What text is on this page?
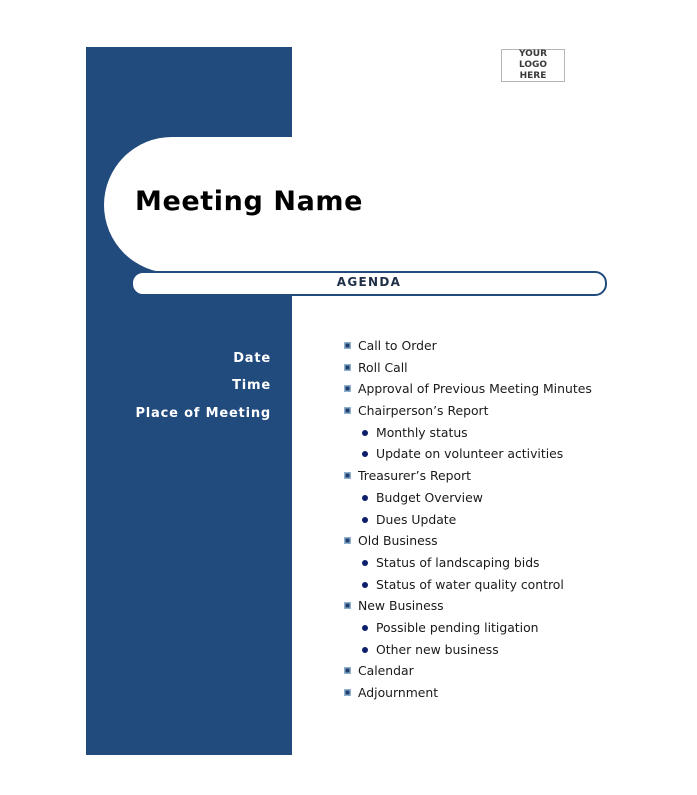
Meeting Name
AGENDA
YOUR LOGO
HERE
Date
Time
Place of Meeting
Call to Order
Roll Call
Approval of Previous Meeting Minutes
Chairperson’s Report
Monthly status
Update on volunteer activities
Treasurer’s Report
Budget Overview
Dues Update
Old Business
Status of landscaping bids
Status of water quality control
New Business
Possible pending litigation
Other new business
Calendar
Adjournment
